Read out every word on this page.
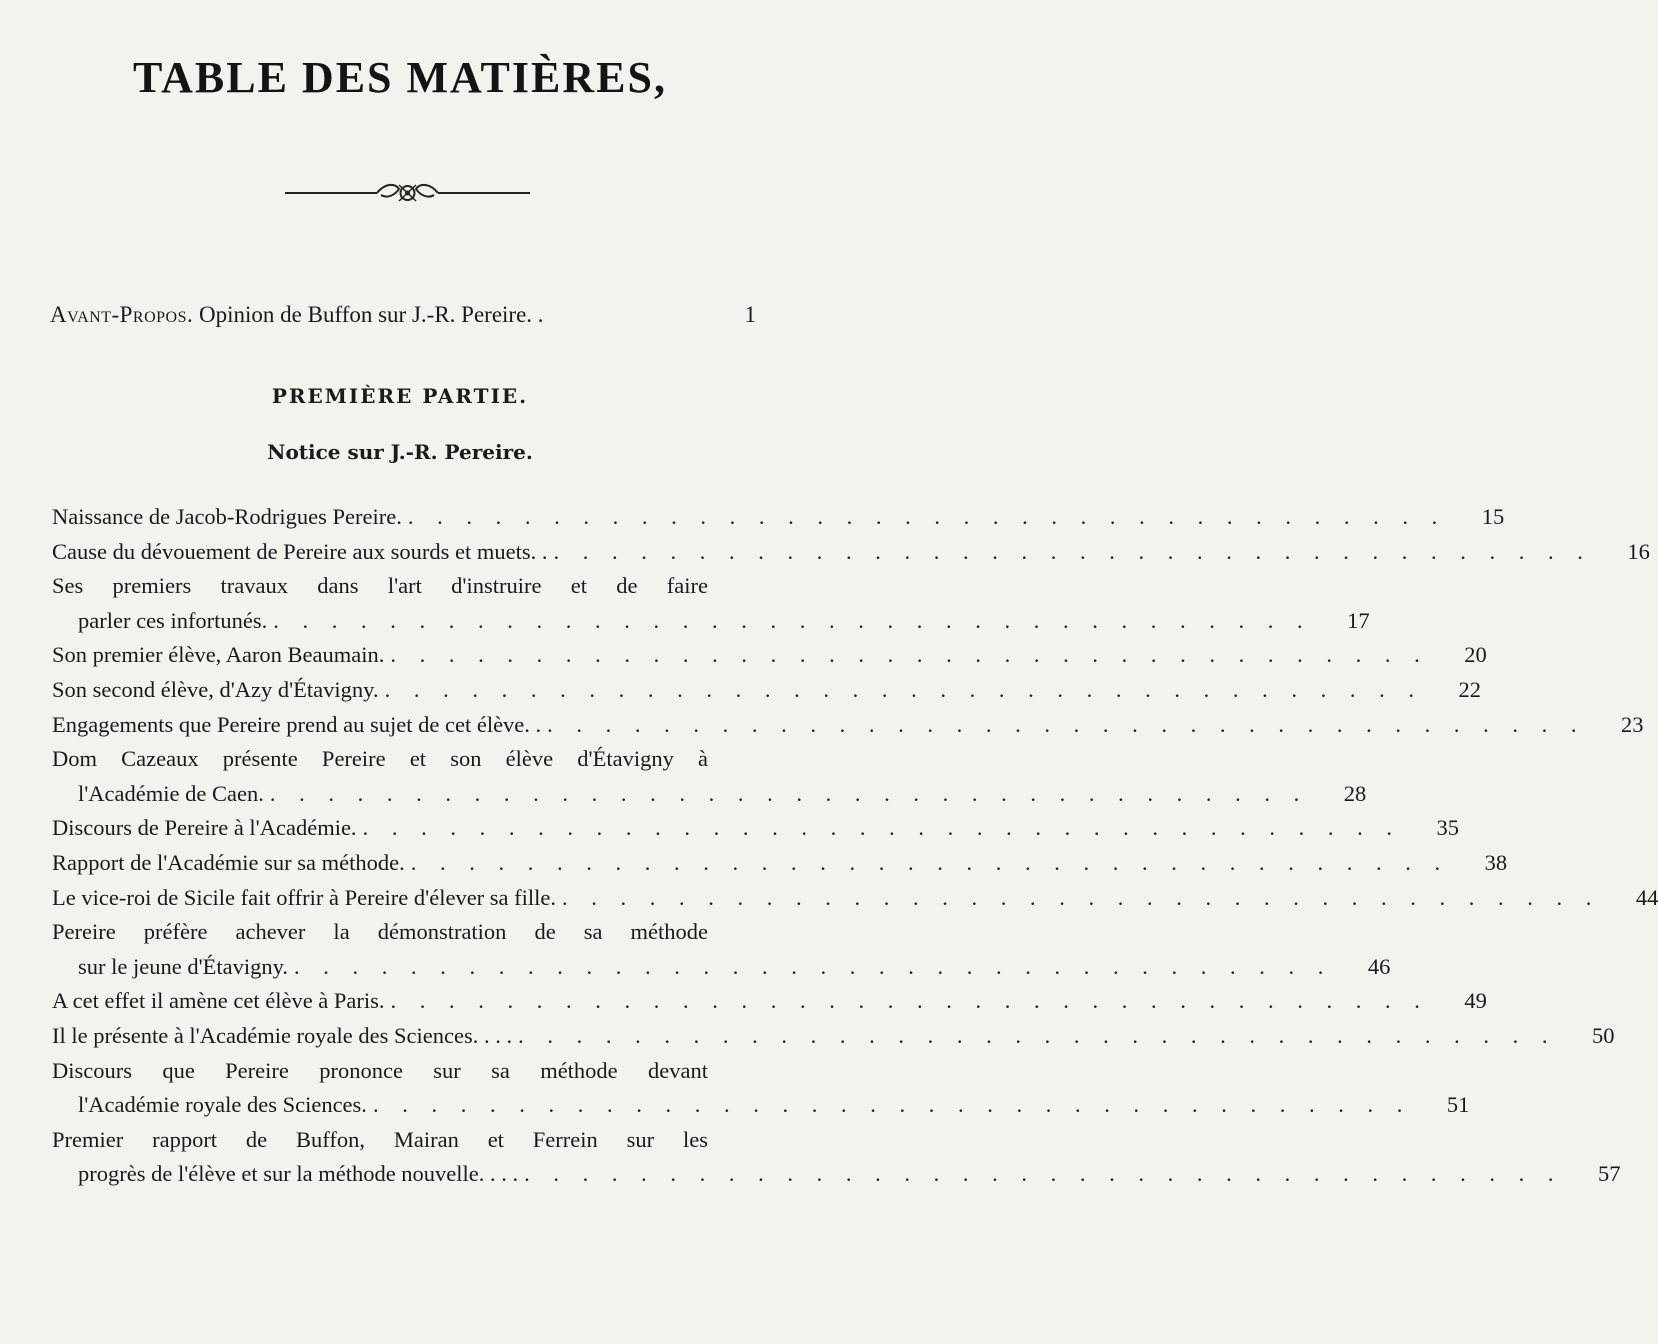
TABLE DES MATIÈRES,
Avant-Propos.
Opinion de Buffon sur J.-R. Pereire. .	1
PREMIÈRE PARTIE.
Notice sur J.-R. Pereire.
Naissance de Jacob-Rodrigues Pereire. . . . . . . . . . . . . . . . . . . . . . . . . . . . . . . . . . . . .	15
Cause du dévouement de Pereire aux sourds et muets. . . . . . . . . . . . . . . . . . . . . . . . . . . . . . . . . . . . . .	16
Ses premiers travaux dans l'art d'instruire et de faire
parler ces infortunés. . . . . . . . . . . . . . . . . . . . . . . . . . . . . . . . . . . . .	17
Son premier élève, Aaron Beaumain. . . . . . . . . . . . . . . . . . . . . . . . . . . . . . . . . . . . .	20
Son second élève, d'Azy d'Étavigny. . . . . . . . . . . . . . . . . . . . . . . . . . . . . . . . . . . . .	22
Engagements que Pereire prend au sujet de cet élève. . . . . . . . . . . . . . . . . . . . . . . . . . . . . . . . . . . . . .	23
Dom Cazeaux présente Pereire et son élève d'Étavigny à
l'Académie de Caen. . . . . . . . . . . . . . . . . . . . . . . . . . . . . . . . . . . . .	28
Discours de Pereire à l'Académie. . . . . . . . . . . . . . . . . . . . . . . . . . . . . . . . . . . . .	35
Rapport de l'Académie sur sa méthode. . . . . . . . . . . . . . . . . . . . . . . . . . . . . . . . . . . . .	38
Le vice-roi de Sicile fait offrir à Pereire d'élever sa fille. . . . . . . . . . . . . . . . . . . . . . . . . . . . . . . . . . . . .	44
Pereire préfère achever la démonstration de sa méthode
sur le jeune d'Étavigny. . . . . . . . . . . . . . . . . . . . . . . . . . . . . . . . . . . . .	46
A cet effet il amène cet élève à Paris. . . . . . . . . . . . . . . . . . . . . . . . . . . . . . . . . . . . .	49
Il le présente à l'Académie royale des Sciences. . . . . . . . . . . . . . . . . . . . . . . . . . . . . . . . . . . . . . . .	50
Discours que Pereire prononce sur sa méthode devant
l'Académie royale des Sciences. . . . . . . . . . . . . . . . . . . . . . . . . . . . . . . . . . . . .	51
Premier rapport de Buffon, Mairan et Ferrein sur les
progrès de l'élève et sur la méthode nouvelle. . . . . . . . . . . . . . . . . . . . . . . . . . . . . . . . . . . . . . . .	57
